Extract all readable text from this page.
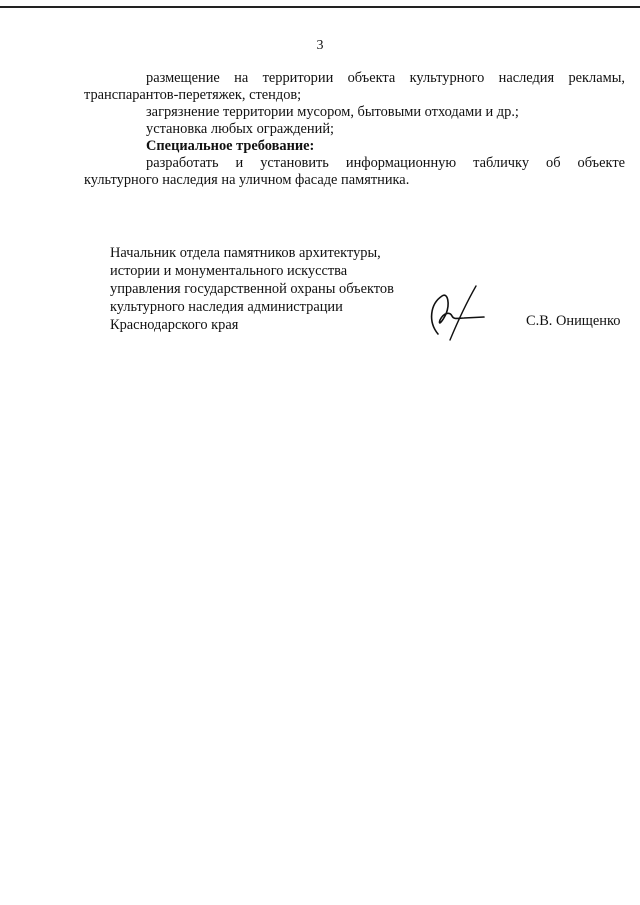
3

размещение на территории объекта культурного наследия рекламы,

транспарантов-перетяжек, стендов;

загрязнение территории мусором, бытовыми отходами и др.;

установка любых ограждений;

Специальное требование:

разработать и установить информационную табличку об объекте

культурного наследия на уличном фасаде памятника.

Начальник отдела памятников архитектуры,
истории и монументального искусства
управления государственной охраны объектов
культурного наследия администрации
Краснодарского края	С.В. Онищенко
